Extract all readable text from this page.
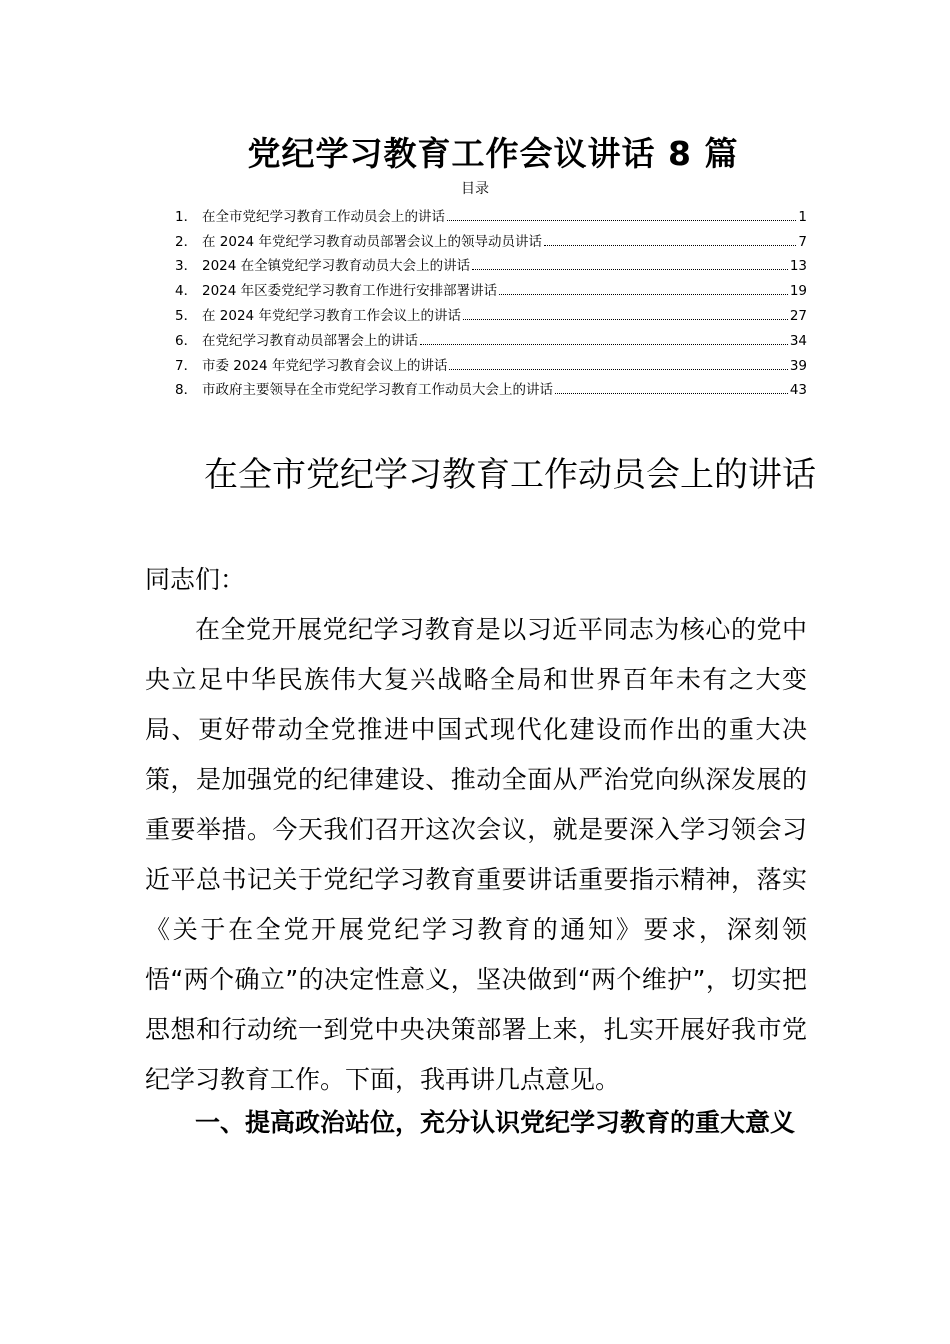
党纪学习教育工作会议讲话 8 篇
目录
1． 在全市党纪学习教育工作动员会上的讲话	1
2． 在 2024 年党纪学习教育动员部署会议上的领导动员讲话	7
3． 2024 在全镇党纪学习教育动员大会上的讲话	13
4． 2024 年区委党纪学习教育工作进行安排部署讲话	19
5． 在 2024 年党纪学习教育工作会议上的讲话	27
6． 在党纪学习教育动员部署会上的讲话	34
7． 市委 2024 年党纪学习教育会议上的讲话	39
8． 市政府主要领导在全市党纪学习教育工作动员大会上的讲话	43
在全市党纪学习教育工作动员会上的讲话
同志们：

在全党开展党纪学习教育是以习近平同志为核心的党中央立足中华民族伟大复兴战略全局和世界百年未有之大变局、更好带动全党推进中国式现代化建设而作出的重大决策，是加强党的纪律建设、推动全面从严治党向纵深发展的重要举措。今天我们召开这次会议，就是要深入学习领会习近平总书记关于党纪学习教育重要讲话重要指示精神，落实《关于在全党开展党纪学习教育的通知》要求，深刻领悟“两个确立”的决定性意义，坚决做到“两个维护”，切实把思想和行动统一到党中央决策部署上来，扎实开展好我市党纪学习教育工作。下面，我再讲几点意见。

一、提高政治站位，充分认识党纪学习教育的重大意义
